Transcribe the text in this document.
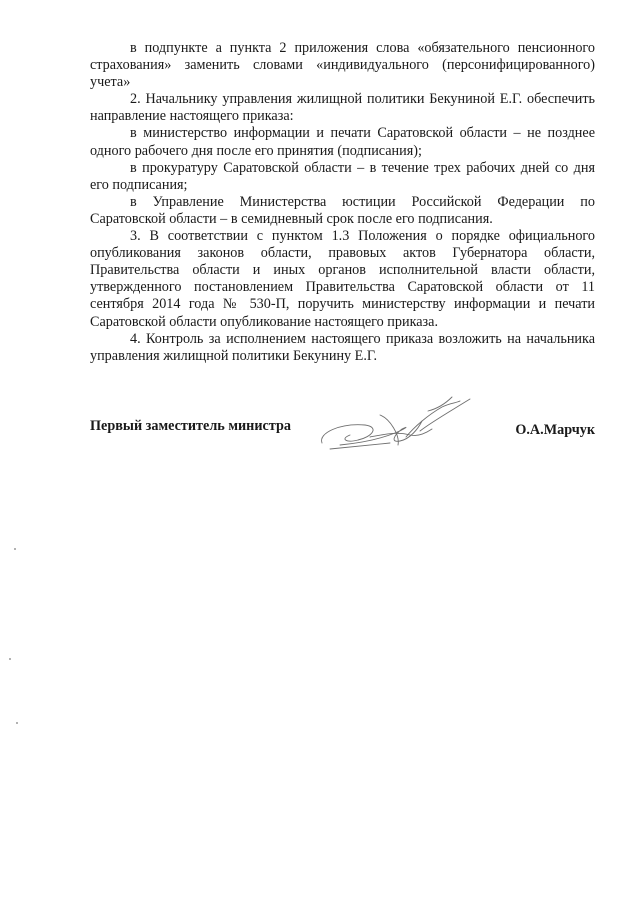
в подпункте а пункта 2 приложения слова «обязательного пенсионного страхования» заменить словами «индивидуального (персонифицированного) учета»

2. Начальнику управления жилищной политики Бекуниной Е.Г. обеспечить направление настоящего приказа:

в министерство информации и печати Саратовской области – не позднее одного рабочего дня после его принятия (подписания);

в прокуратуру Саратовской области – в течение трех рабочих дней со дня его подписания;

в Управление Министерства юстиции Российской Федерации по Саратовской области – в семидневный срок после его подписания.

3. В соответствии с пунктом 1.3 Положения о порядке официального опубликования законов области, правовых актов Губернатора области, Правительства области и иных органов исполнительной власти области, утвержденного постановлением Правительства Саратовской области от 11 сентября 2014 года № 530-П, поручить министерству информации и печати Саратовской области опубликование настоящего приказа.

4. Контроль за исполнением настоящего приказа возложить на начальника управления жилищной политики Бекунину Е.Г.

Первый заместитель министра	О.А.Марчук
